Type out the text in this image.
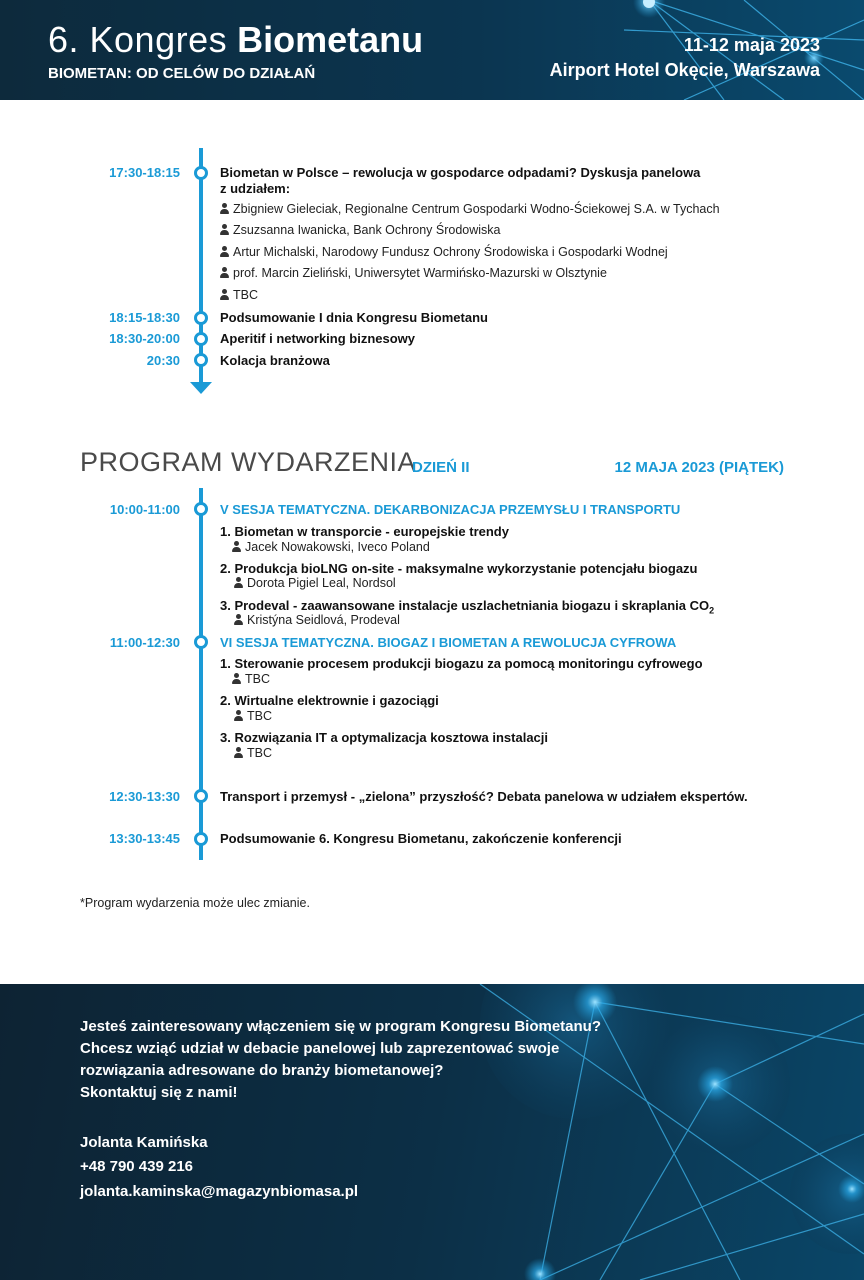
6. Kongres Biometanu
BIOMETAN: OD CELÓW DO DZIAŁAŃ
11-12 maja 2023
Airport Hotel Okęcie, Warszawa
17:30-18:15	Biometan w Polsce – rewolucja w gospodarce odpadami? Dyskusja panelowa
z udziałem:
Zbigniew Gieleciak, Regionalne Centrum Gospodarki Wodno-Ściekowej S.A. w Tychach
Zsuzsanna Iwanicka, Bank Ochrony Środowiska
Artur Michalski, Narodowy Fundusz Ochrony Środowiska i Gospodarki Wodnej
prof. Marcin Zieliński, Uniwersytet Warmińsko-Mazurski w Olsztynie
TBC
18:15-18:30	Podsumowanie I dnia Kongresu Biometanu
18:30-20:00	Aperitif i networking biznesowy
20:30	Kolacja branżowa
PROGRAM WYDARZENIA
DZIEŃ II	12 MAJA 2023 (PIĄTEK)
10:00-11:00	V SESJA TEMATYCZNA. DEKARBONIZACJA PRZEMYSŁU I TRANSPORTU
1. Biometan w transporcie - europejskie trendy
Jacek Nowakowski, Iveco Poland
2. Produkcja bioLNG on-site - maksymalne wykorzystanie potencjału biogazu
Dorota Pigiel Leal, Nordsol
3. Prodeval - zaawansowane instalacje uszlachetniania biogazu i skraplania $CO_2$
Kristýna Seidlová, Prodeval
11:00-12:30	VI SESJA TEMATYCZNA. BIOGAZ I BIOMETAN A REWOLUCJA CYFROWA
1. Sterowanie procesem produkcji biogazu za pomocą monitoringu cyfrowego
TBC
2. Wirtualne elektrownie i gazociągi
TBC
3. Rozwiązania IT a optymalizacja kosztowa instalacji
TBC
12:30-13:30	Transport i przemysł - „zielona” przyszłość? Debata panelowa w udziałem ekspertów.
13:30-13:45	Podsumowanie 6. Kongresu Biometanu, zakończenie konferencji
*Program wydarzenia może ulec zmianie.
Jesteś zainteresowany włączeniem się w program Kongresu Biometanu?
Chcesz wziąć udział w debacie panelowej lub zaprezentować swoje
rozwiązania adresowane do branży biometanowej?
Skontaktuj się z nami!
Jolanta Kamińska
+48 790 439 216
jolanta.kaminska@magazynbiomasa.pl
